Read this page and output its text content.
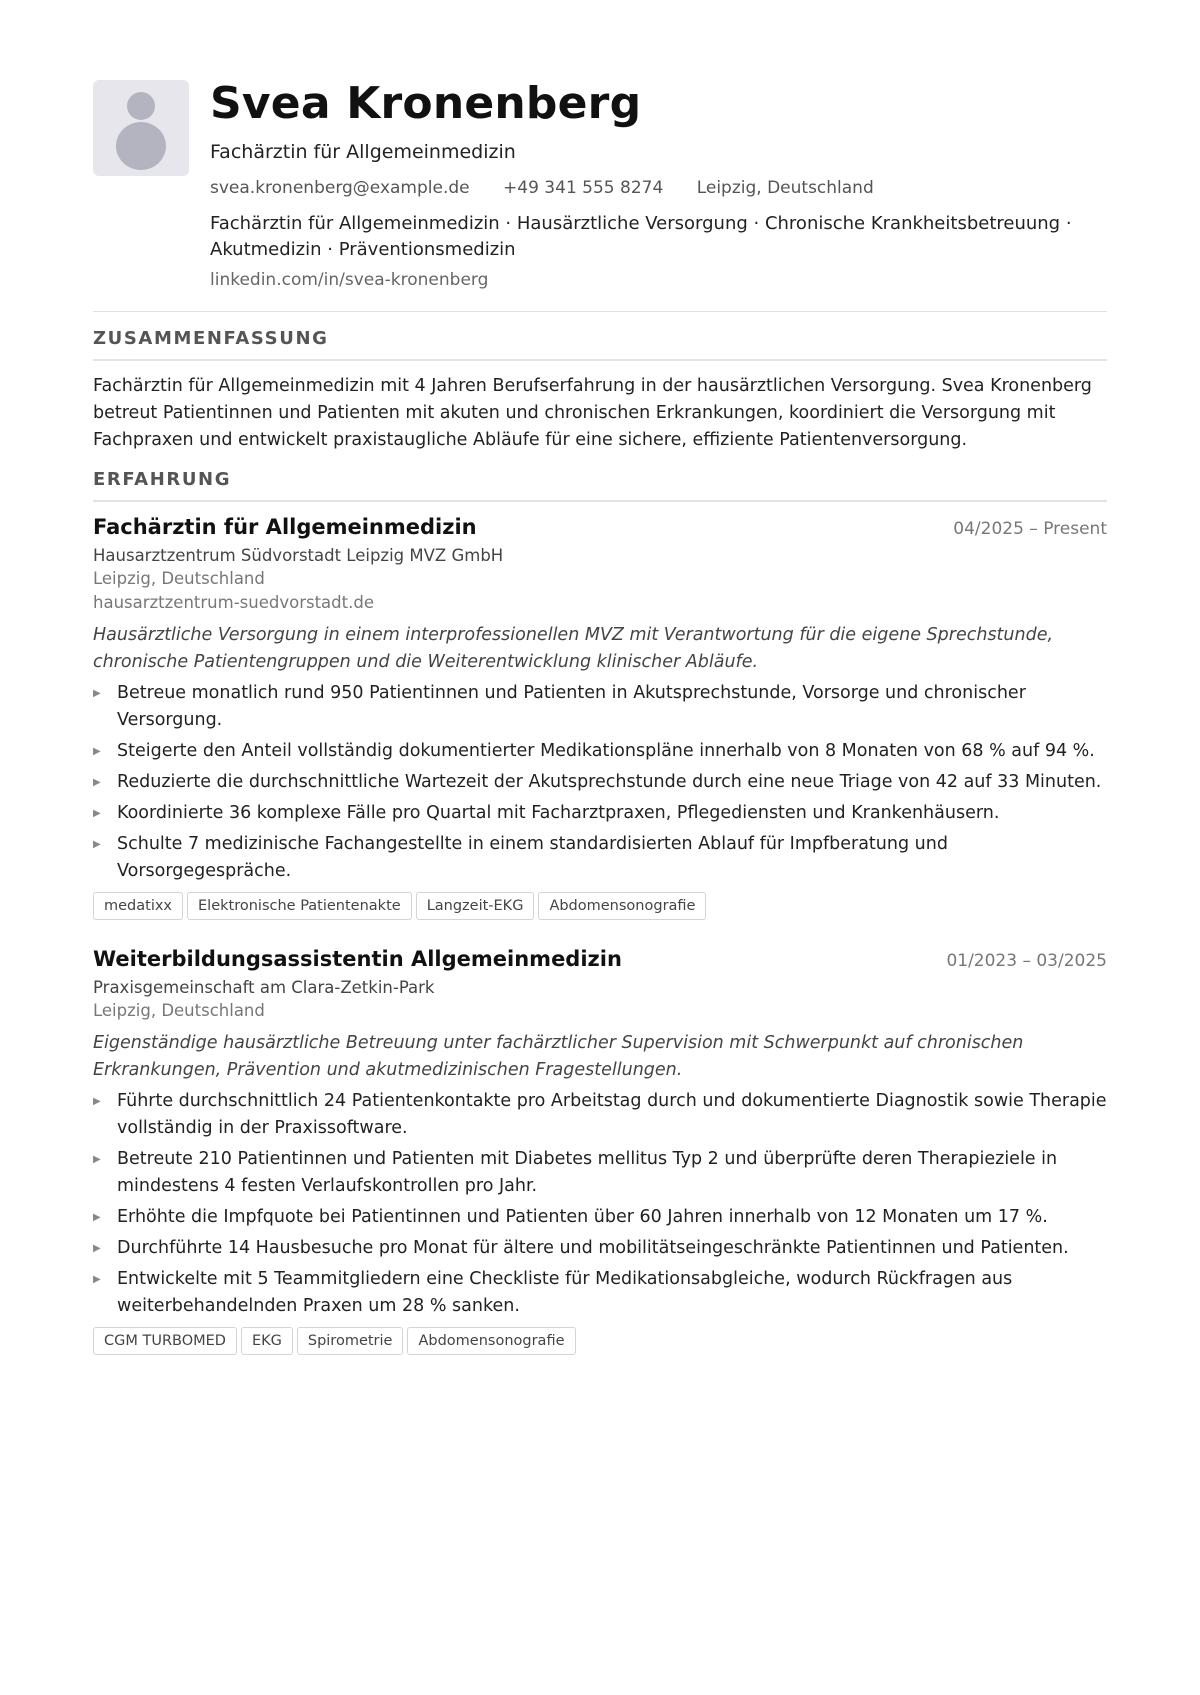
Svea Kronenberg
Fachärztin für Allgemeinmedizin
svea.kronenberg@example.de +49 341 555 8274 Leipzig, Deutschland
Fachärztin für Allgemeinmedizin · Hausärztliche Versorgung · Chronische Krankheitsbetreuung · Akutmedizin · Präventionsmedizin
linkedin.com/in/svea-kronenberg
ZUSAMMENFASSUNG
Fachärztin für Allgemeinmedizin mit 4 Jahren Berufserfahrung in der hausärztlichen Versorgung. Svea Kronenberg betreut Patientinnen und Patienten mit akuten und chronischen Erkrankungen, koordiniert die Versorgung mit Fachpraxen und entwickelt praxistaugliche Abläufe für eine sichere, effiziente Patientenversorgung.
ERFAHRUNG
Fachärztin für Allgemeinmedizin	04/2025 – Present
Hausarztzentrum Südvorstadt Leipzig MVZ GmbH
Leipzig, Deutschland
hausarztzentrum-suedvorstadt.de
Hausärztliche Versorgung in einem interprofessionellen MVZ mit Verantwortung für die eigene Sprechstunde, chronische Patientengruppen und die Weiterentwicklung klinischer Abläufe.
▶ Betreue monatlich rund 950 Patientinnen und Patienten in Akutsprechstunde, Vorsorge und chronischer Versorgung.
▶ Steigerte den Anteil vollständig dokumentierter Medikationspläne innerhalb von 8 Monaten von 68 % auf 94 %.
▶ Reduzierte die durchschnittliche Wartezeit der Akutsprechstunde durch eine neue Triage von 42 auf 33 Minuten.
▶ Koordinierte 36 komplexe Fälle pro Quartal mit Facharztpraxen, Pflegediensten und Krankenhäusern.
▶ Schulte 7 medizinische Fachangestellte in einem standardisierten Ablauf für Impfberatung und Vorsorgegespräche.
medatixx	Elektronische Patientenakte	Langzeit-EKG	Abdomensonografie
Weiterbildungsassistentin Allgemeinmedizin	01/2023 – 03/2025
Praxisgemeinschaft am Clara-Zetkin-Park
Leipzig, Deutschland
Eigenständige hausärztliche Betreuung unter fachärztlicher Supervision mit Schwerpunkt auf chronischen Erkrankungen, Prävention und akutmedizinischen Fragestellungen.
▶ Führte durchschnittlich 24 Patientenkontakte pro Arbeitstag durch und dokumentierte Diagnostik sowie Therapie vollständig in der Praxissoftware.
▶ Betreute 210 Patientinnen und Patienten mit Diabetes mellitus Typ 2 und überprüfte deren Therapieziele in mindestens 4 festen Verlaufskontrollen pro Jahr.
▶ Erhöhte die Impfquote bei Patientinnen und Patienten über 60 Jahren innerhalb von 12 Monaten um 17 %.
▶ Durchführte 14 Hausbesuche pro Monat für ältere und mobilitätseingeschränkte Patientinnen und Patienten.
▶ Entwickelte mit 5 Teammitgliedern eine Checkliste für Medikationsabgleiche, wodurch Rückfragen aus weiterbehandelnden Praxen um 28 % sanken.
CGM TURBOMED	EKG	Spirometrie	Abdomensonografie
